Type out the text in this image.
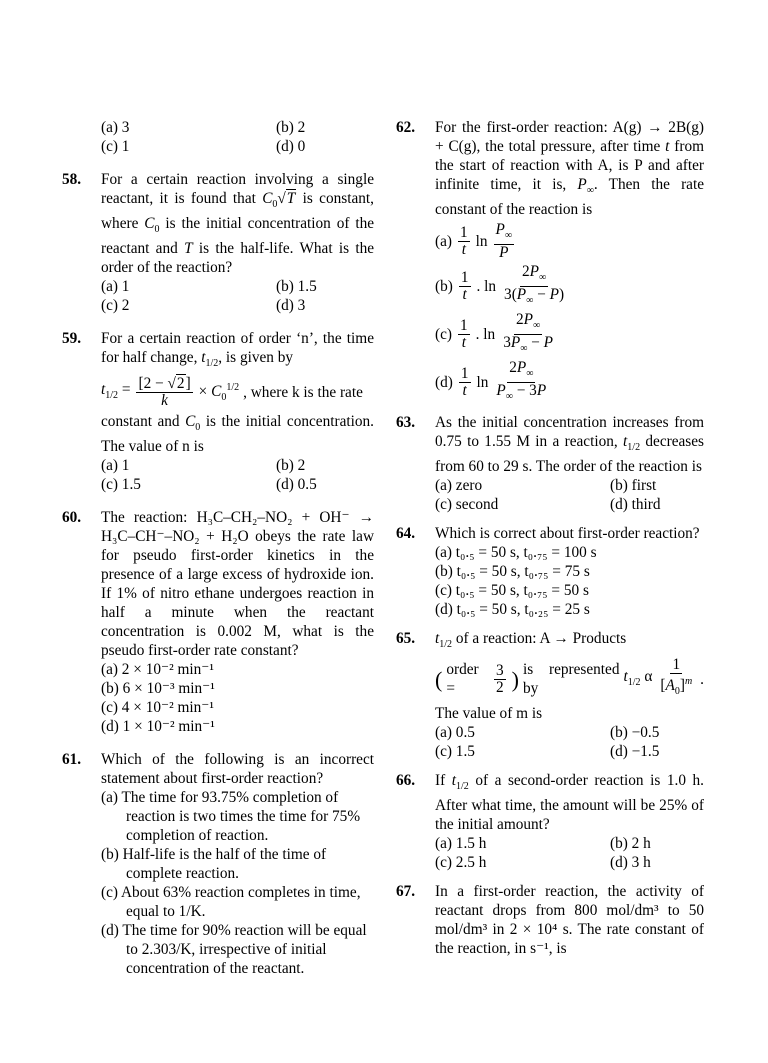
(a) 3	(b) 2
(c) 1	(d) 0
58. For a certain reaction involving a single reactant, it is found that $C_0√T$ is constant, where $C_0$ is the initial concentration of the reactant and T is the half-life. What is the order of the reaction?
(a) 1	(b) 1.5
(c) 2	(d) 3
59. For a certain reaction of order ‘n’, the time for half change, $t_{1/2}$, is given by
$t_{1/2} = \frac{[2 - √2]}{k} \times C_0^{1/2}$ , where k is the rate
constant and $C_0$ is the initial concentration. The value of n is
(a) 1	(b) 2
(c) 1.5	(d) 0.5
60. The reaction: H₃C–CH₂–NO₂ + OH⁻ → H₃C–CH⁻–NO₂ + H₂O obeys the rate law for pseudo first-order kinetics in the presence of a large excess of hydroxide ion. If 1% of nitro ethane undergoes reaction in half a minute when the reactant concentration is 0.002 M, what is the pseudo first-order rate constant?
(a) 2 × 10⁻² min⁻¹
(b) 6 × 10⁻³ min⁻¹
(c) 4 × 10⁻² min⁻¹
(d) 1 × 10⁻² min⁻¹
61. Which of the following is an incorrect statement about first-order reaction?
(a) The time for 93.75% completion of reaction is two times the time for 75% completion of reaction.
(b) Half-life is the half of the time of complete reaction.
(c) About 63% reaction completes in time, equal to 1/K.
(d) The time for 90% reaction will be equal to 2.303/K, irrespective of initial concentration of the reactant.
62. For the first-order reaction: A(g) → 2B(g) + C(g), the total pressure, after time t from the start of reaction with A, is P and after infinite time, it is, $P_\infty$. Then the rate constant of the reaction is
$(a) \frac{1}{t}$ $\ln \frac{P_\infty}{P}$
$(b) \frac{1}{t}$ . $\ln \frac{2P_\infty}{3(P_\infty - P)}$
$(c) \frac{1}{t}$ . $\ln \frac{2P_\infty}{3P_\infty - P}$
$(d) \frac{1}{t}$ $\ln \frac{2P_\infty}{P_\infty - 3P}$
63. As the initial concentration increases from 0.75 to 1.55 M in a reaction, $t_{1/2}$ decreases from 60 to 29 s. The order of the reaction is
(a) zero	(b) first
(c) second	(d) third
64. Which is correct about first-order reaction?
(a) t₀.₅ = 50 s, t₀.₇₅ = 100 s
(b) t₀.₅ = 50 s, t₀.₇₅ = 75 s
(c) t₀.₅ = 50 s, t₀.₇₅ = 50 s
(d) t₀.₅ = 50 s, t₀.₂₅ = 25 s
65. $t_{1/2}$ of a reaction: A → Products
( order =	$\frac{3}{2}$ ) is represented by
$t_{1/2}$ α $\frac{1}{[A_0]^m}$ .
The value of m is
(a) 0.5	(b) −0.5
(c) 1.5	(d) −1.5
66. If $t_{1/2}$ of a second-order reaction is 1.0 h. After what time, the amount will be 25% of the initial amount?
(a) 1.5 h	(b) 2 h
(c) 2.5 h	(d) 3 h
67. In a first-order reaction, the activity of reactant drops from 800 mol/dm³ to 50 mol/dm³ in 2 × 10⁴ s. The rate constant of the reaction, in s⁻¹, is
